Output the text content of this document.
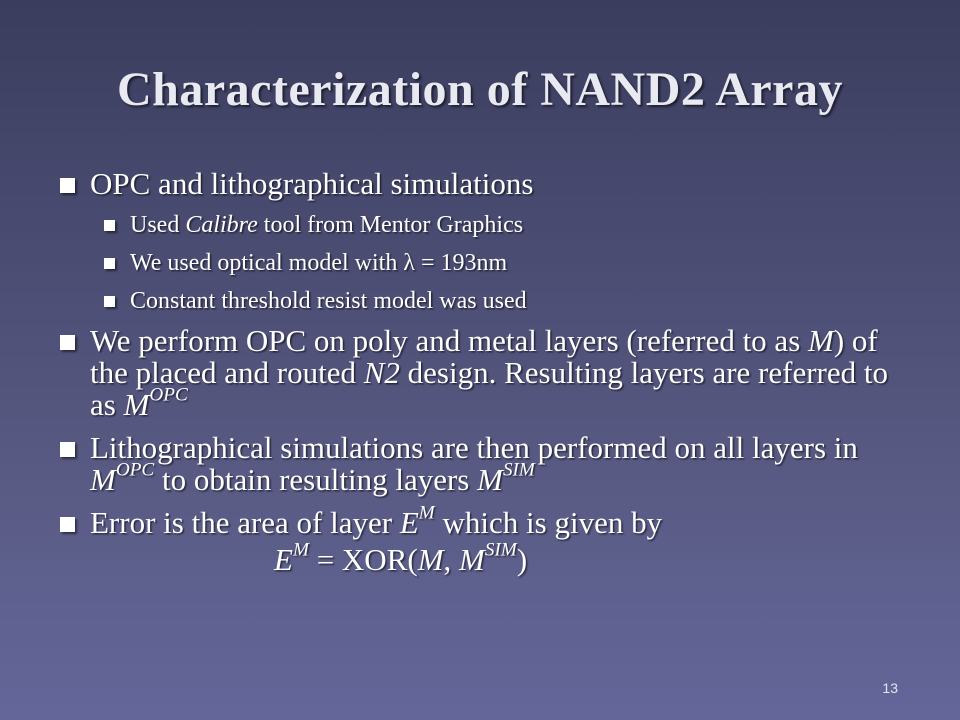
Characterization of NAND2 Array
OPC and lithographical simulations
Used Calibre tool from Mentor Graphics
We used optical model with λ = 193nm
Constant threshold resist model was used
We perform OPC on poly and metal layers (referred to as M) of the placed and routed N2 design. Resulting layers are referred to as $M^{OPC}$
Lithographical simulations are then performed on all layers in $M^{OPC}$ to obtain resulting layers $M^{SIM}$
Error is the area of layer $E^M$ which is given by
$E^M = XOR(M$, $M^{SIM}$)
13
